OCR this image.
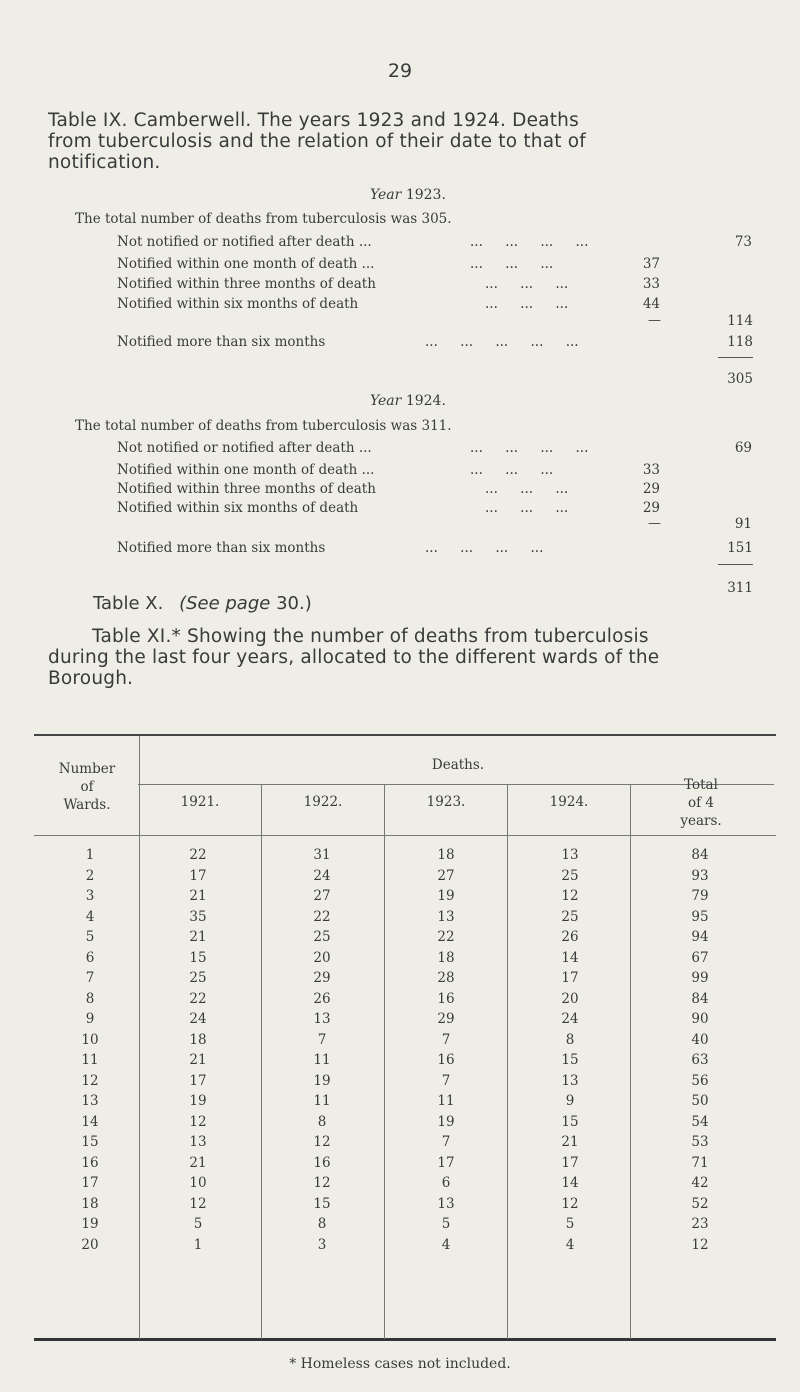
29
Table IX. Camberwell. The years 1923 and 1924. Deaths
from tuberculosis and the relation of their date to that of
notification.
Year 1923.
The total number of deaths from tuberculosis was 305.
Not notified or notified after death ...	... ... ... ...	73
Notified within one month of death ...	... ... ...	37
Notified within three months of death	... ... ...	33
Notified within six months of death	... ... ...	44
—	114
Notified more than six months	... ... ... ... ...	118
305
Year 1924.
The total number of deaths from tuberculosis was 311.
Not notified or notified after death ...	... ... ... ...	69
Notified within one month of death ...	... ... ...	33
Notified within three months of death	... ... ...	29
Notified within six months of death	... ... ...	29
—	91
Notified more than six months	... ... ... ...	151
311
Table X. (See page 30.)
Table XI.* Showing the number of deaths from tuberculosis
during the last four years, allocated to the different wards of the
Borough.
Number
of
Wards.
Deaths.
1921.	1922.	1923.	1924.
Total
of 4
years.
1	22	31	18	13	84
2	17	24	27	25	93
3	21	27	19	12	79
4	35	22	13	25	95
5	21	25	22	26	94
6	15	20	18	14	67
7	25	29	28	17	99
8	22	26	16	20	84
9	24	13	29	24	90
10	18	7	7	8	40
11	21	11	16	15	63
12	17	19	7	13	56
13	19	11	11	9	50
14	12	8	19	15	54
15	13	12	7	21	53
16	21	16	17	17	71
17	10	12	6	14	42
18	12	15	13	12	52
19	5	8	5	5	23
20	1	3	4	4	12
* Homeless cases not included.
